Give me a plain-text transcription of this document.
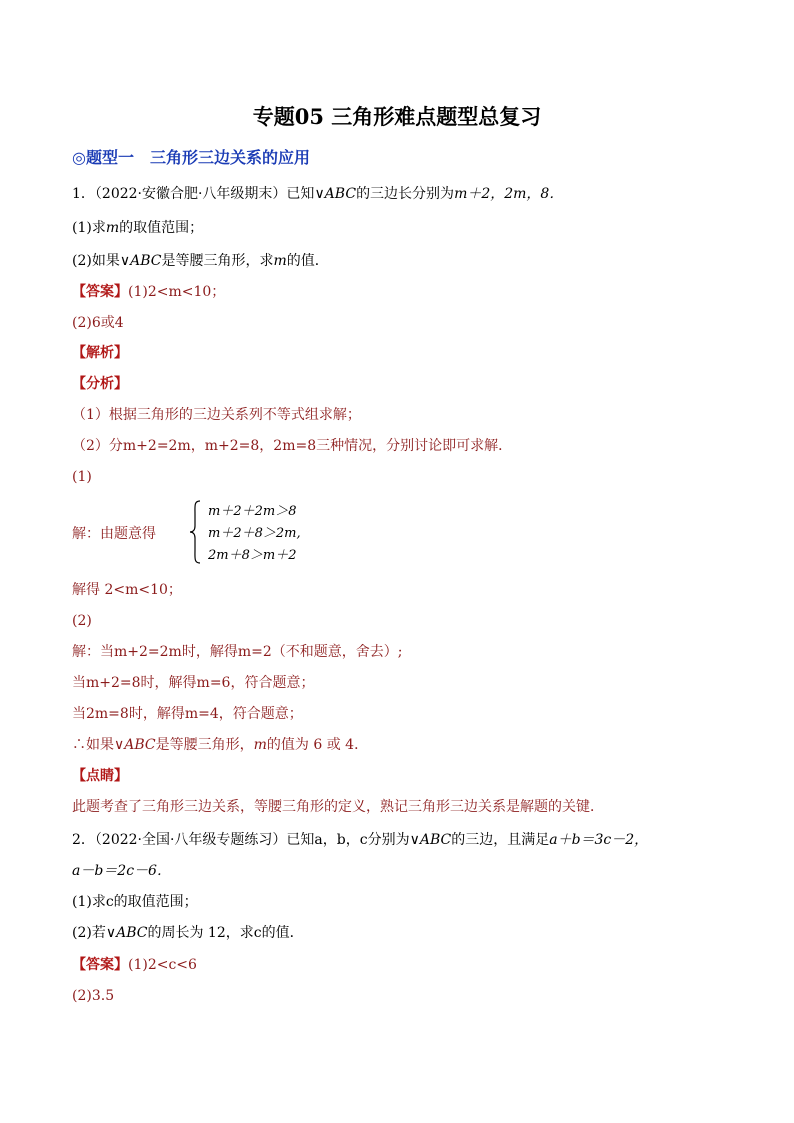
专题05 三角形难点题型总复习
◎题型一　三角形三边关系的应用
1．（2022·安徽合肥·八年级期末）已知∨ABC的三边长分别为m＋2，2m，8．
(1)求m的取值范围；
(2)如果∨ABC是等腰三角形，求m的值．
【答案】(1)2<m<10；
(2)6或4
【解析】
【分析】
（1）根据三角形的三边关系列不等式组求解；
（2）分m+2=2m，m+2=8，2m=8三种情况，分别讨论即可求解．
(1)
解：由题意得
m＋2＋2m＞8
m＋2＋8＞2m,
2m＋8＞m＋2
解得 2<m<10；
(2)
解：当m+2=2m时，解得m=2（不和题意，舍去）;
当m+2=8时，解得m=6，符合题意；
当2m=8时，解得m=4，符合题意；
∴如果∨ABC是等腰三角形，m的值为 6 或 4．
【点睛】
此题考查了三角形三边关系，等腰三角形的定义，熟记三角形三边关系是解题的关键．
2．（2022·全国·八年级专题练习）已知a，b，c分别为∨ABC的三边，且满足a＋b＝3c－2，
a－b＝2c－6．
(1)求c的取值范围；
(2)若∨ABC的周长为 12，求c的值．
【答案】(1)2<c<6
(2)3.5
